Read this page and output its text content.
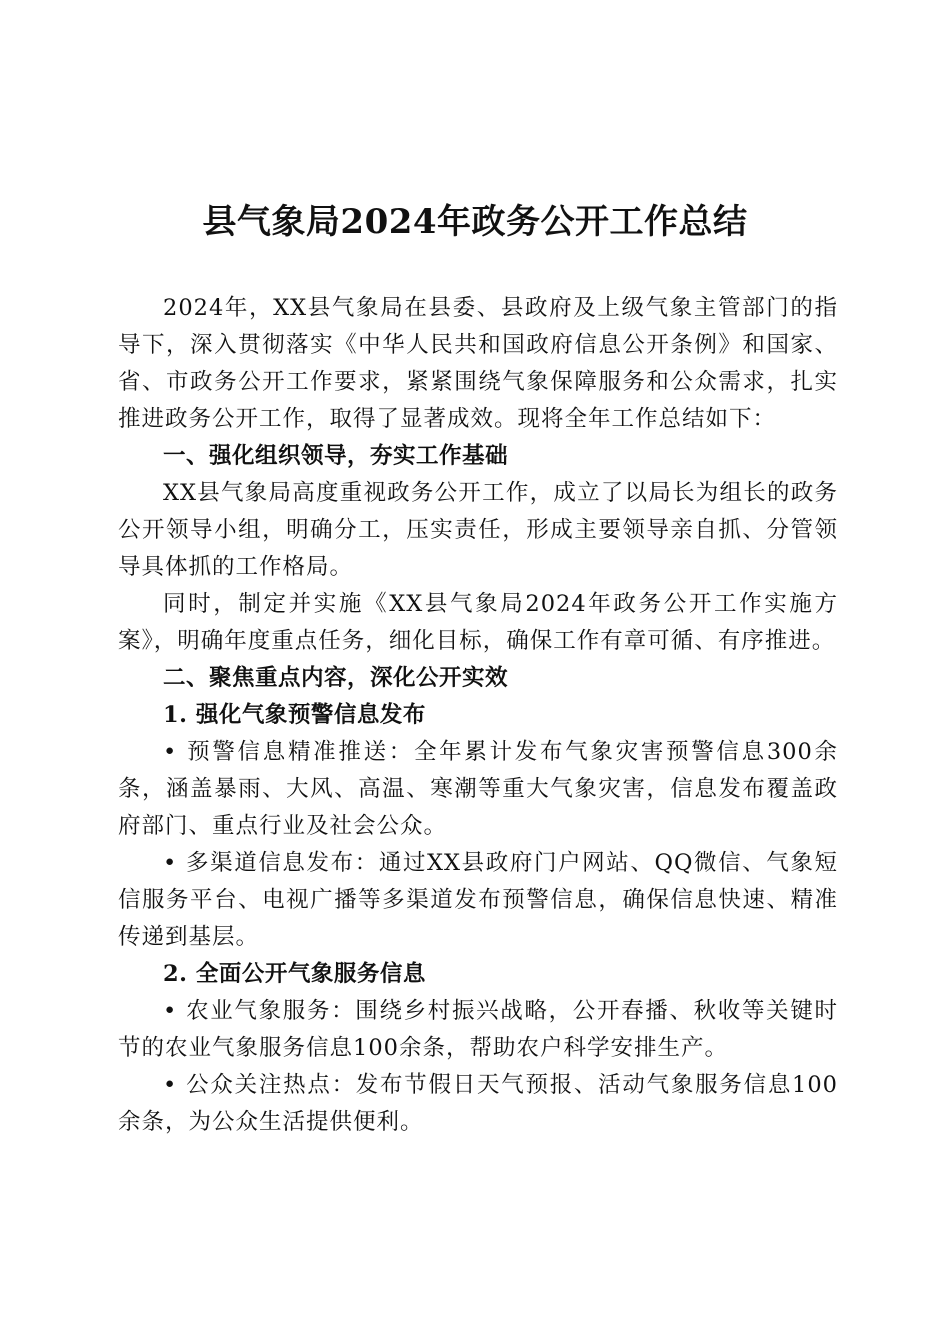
县气象局2024年政务公开工作总结

2024年，XX县气象局在县委、县政府及上级气象主管部门的指导下，深入贯彻落实《中华人民共和国政府信息公开条例》和国家、省、市政务公开工作要求，紧紧围绕气象保障服务和公众需求，扎实推进政务公开工作，取得了显著成效。现将全年工作总结如下：

一、强化组织领导，夯实工作基础

XX县气象局高度重视政务公开工作，成立了以局长为组长的政务公开领导小组，明确分工，压实责任，形成主要领导亲自抓、分管领导具体抓的工作格局。

同时，制定并实施《XX县气象局2024年政务公开工作实施方案》，明确年度重点任务，细化目标，确保工作有章可循、有序推进。

二、聚焦重点内容，深化公开实效

1. 强化气象预警信息发布

• 预警信息精准推送：全年累计发布气象灾害预警信息300余条，涵盖暴雨、大风、高温、寒潮等重大气象灾害，信息发布覆盖政府部门、重点行业及社会公众。

• 多渠道信息发布：通过XX县政府门户网站、QQ微信、气象短信服务平台、电视广播等多渠道发布预警信息，确保信息快速、精准传递到基层。

2. 全面公开气象服务信息

• 农业气象服务：围绕乡村振兴战略，公开春播、秋收等关键时节的农业气象服务信息100余条，帮助农户科学安排生产。

• 公众关注热点：发布节假日天气预报、活动气象服务信息100余条，为公众生活提供便利。
